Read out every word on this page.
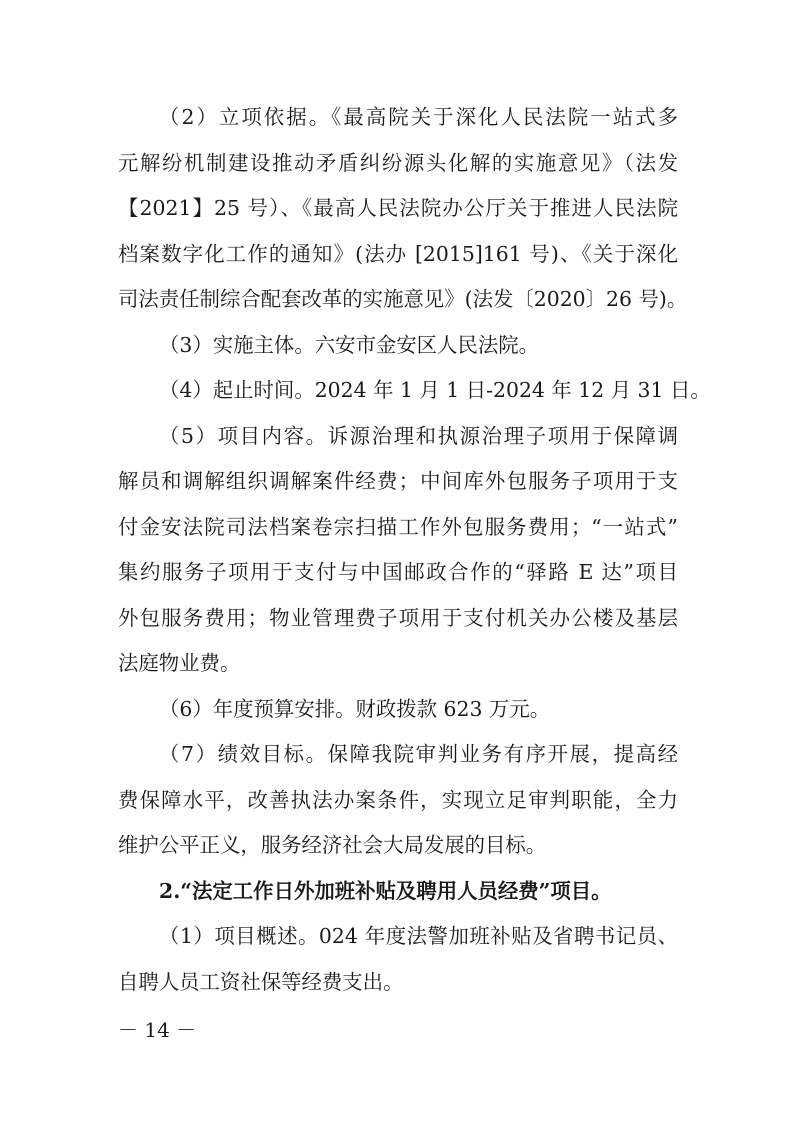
（2）立项依据。《最高院关于深化人民法院一站式多
元解纷机制建设推动矛盾纠纷源头化解的实施意见》（法发
【2021】25 号）、《最高人民法院办公厅关于推进人民法院
档案数字化工作的通知》(法办 [2015]161 号)、《关于深化
司法责任制综合配套改革的实施意见》(法发〔2020〕26 号)。
（3）实施主体。六安市金安区人民法院。
（4）起止时间。2024 年 1 月 1 日-2024 年 12 月 31 日。
（5）项目内容。诉源治理和执源治理子项用于保障调
解员和调解组织调解案件经费；中间库外包服务子项用于支
付金安法院司法档案卷宗扫描工作外包服务费用；“一站式”
集约服务子项用于支付与中国邮政合作的“驿路 E 达”项目
外包服务费用；物业管理费子项用于支付机关办公楼及基层
法庭物业费。
（6）年度预算安排。财政拨款 623 万元。
（7）绩效目标。保障我院审判业务有序开展，提高经
费保障水平，改善执法办案条件，实现立足审判职能，全力
维护公平正义，服务经济社会大局发展的目标。
2.“法定工作日外加班补贴及聘用人员经费”项目。
（1）项目概述。024 年度法警加班补贴及省聘书记员、
自聘人员工资社保等经费支出。
－ 14 －
